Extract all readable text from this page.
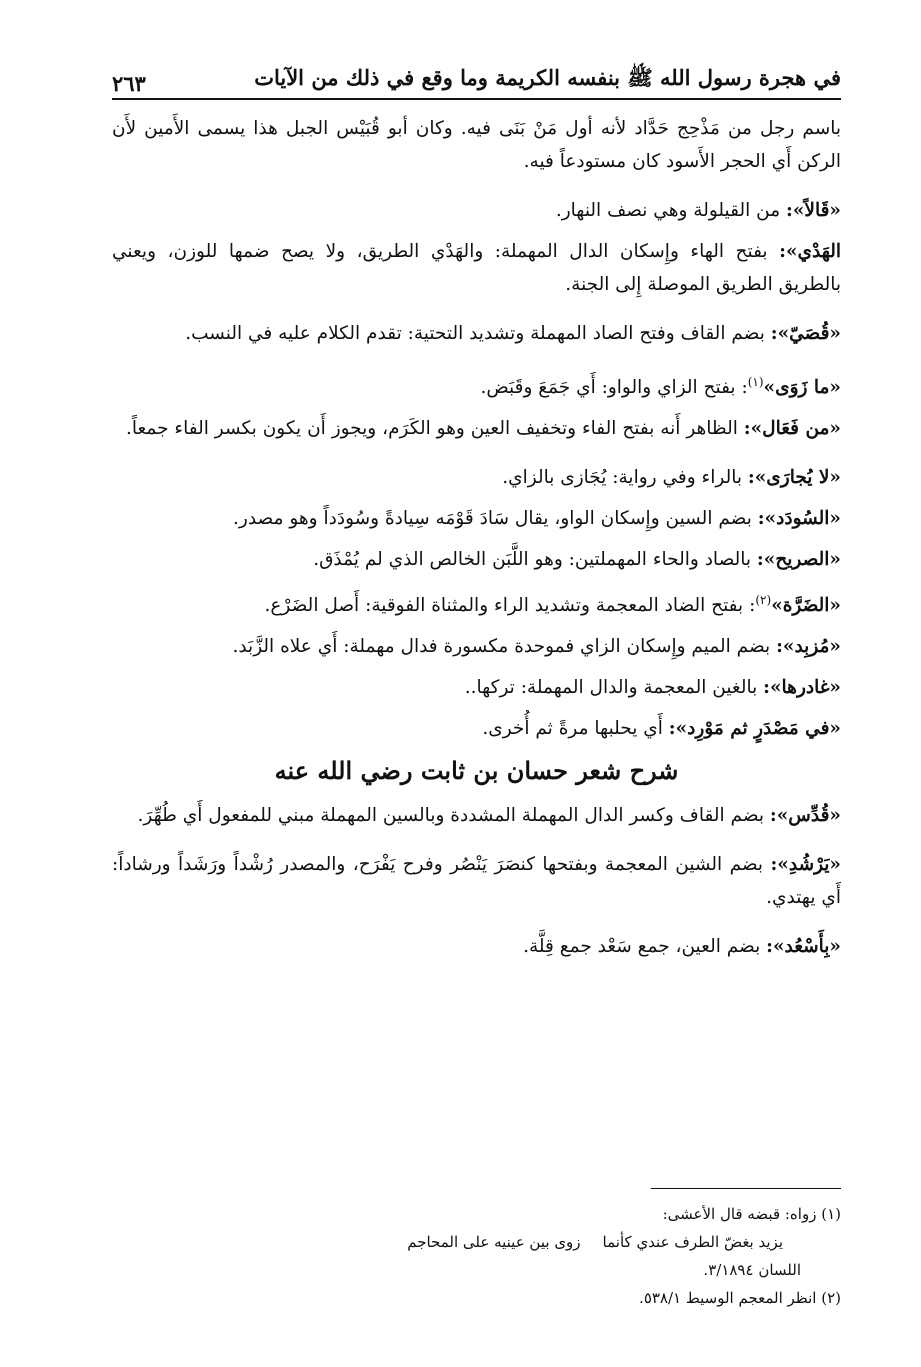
في هجرة رسول الله ﷺ بنفسه الكريمة وما وقع في ذلك من الآيات
٢٦٣

باسم رجل من مَذْحِج حَدَّاد لأنه أول مَنْ بَنَى فيه. وكان أبو قُبَيْس الجبل هذا يسمى الأَمين لأَن الركن أَي الحجر الأَسود كان مستودعاً فيه.

«قَالاً»: من القيلولة وهي نصف النهار.

الهَدْي»: بفتح الهاء وإِسكان الدال المهملة: والهَدْي الطريق، ولا يصح ضمها للوزن، ويعني بالطريق الطريق الموصلة إِلى الجنة.

«قُصَيّ»: بضم القاف وفتح الصاد المهملة وتشديد التحتية: تقدم الكلام عليه في النسب.

«ما زَوَى»$^{(١)}$: بفتح الزاي والواو: أَي جَمَعَ وقَبَض.

«من فَعَال»: الظاهر أَنه بفتح الفاء وتخفيف العين وهو الكَرَم، ويجوز أَن يكون بكسر الفاء جمعاً.

«لا يُجارَى»: بالراء وفي رواية: يُجَازى بالزاي.

«السُودَد»: بضم السين وإِسكان الواو، يقال سَادَ قَوْمَه سِيادةً وسُودَداً وهو مصدر.

«الصريح»: بالصاد والحاء المهملتين: وهو اللَّبَن الخالص الذي لم يُمْذَق.

«الضَرَّة»$^{(٢)}$: بفتح الضاد المعجمة وتشديد الراء والمثناة الفوقية: أَصل الضَرْع.

«مُزبِد»: بضم الميم وإِسكان الزاي فموحدة مكسورة فدال مهملة: أَي علاه الزَّبَد.

«غادرها»: بالغين المعجمة والدال المهملة: تركها..

«في مَصْدَرٍ ثم مَوْرِد»: أَي يحلبها مرةً ثم أُخرى.

شرح شعر حسان بن ثابت رضي الله عنه

«قُدِّس»: بضم القاف وكسر الدال المهملة المشددة وبالسين المهملة مبني للمفعول أَي طُهِّرَ.

«يَرْشُدِ»: بضم الشين المعجمة وبفتحها كنصَرَ يَنْصُر وفرح يَفْرَح، والمصدر رُشْداً ورَشَداً ورشاداً: أَي يهتدي.

«بِأَسْعُد»: بضم العين، جمع سَعْد جمع قِلَّة.

(١) زواه: قبضه قال الأعشى:

يزيد بغضّ الطرف عندي كأنما
زوى بين عينيه على المحاجم

اللسان ٣/١٨٩٤.

(٢) انظر المعجم الوسيط ٥٣٨/١.
